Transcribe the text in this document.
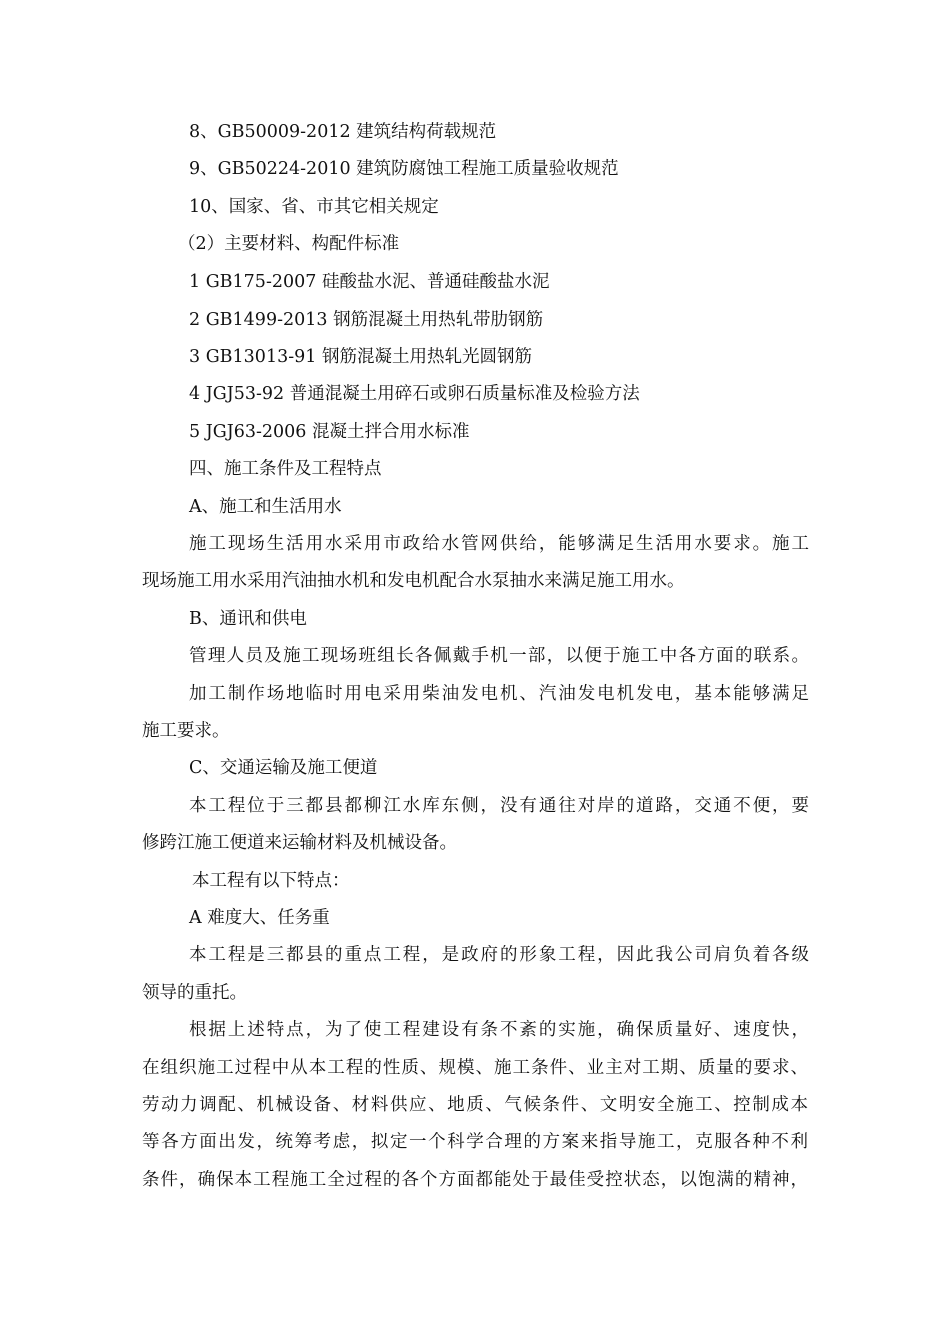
8、GB50009-2012 建筑结构荷载规范
9、GB50224-2010 建筑防腐蚀工程施工质量验收规范
10、国家、省、市其它相关规定
（2）主要材料、构配件标准
1 GB175-2007 硅酸盐水泥、普通硅酸盐水泥
2 GB1499-2013 钢筋混凝土用热轧带肋钢筋
3 GB13013-91 钢筋混凝土用热轧光圆钢筋
4 JGJ53-92 普通混凝土用碎石或卵石质量标准及检验方法
5 JGJ63-2006 混凝土拌合用水标准
四、施工条件及工程特点
A、施工和生活用水
施工现场生活用水采用市政给水管网供给，能够满足生活用水要求。施工
现场施工用水采用汽油抽水机和发电机配合水泵抽水来满足施工用水。
B、通讯和供电
管理人员及施工现场班组长各佩戴手机一部，以便于施工中各方面的联系。
加工制作场地临时用电采用柴油发电机、汽油发电机发电，基本能够满足
施工要求。
C、交通运输及施工便道
本工程位于三都县都柳江水库东侧，没有通往对岸的道路，交通不便，要
修跨江施工便道来运输材料及机械设备。
本工程有以下特点：
A 难度大、任务重
本工程是三都县的重点工程，是政府的形象工程，因此我公司肩负着各级
领导的重托。
根据上述特点，为了使工程建设有条不紊的实施，确保质量好、速度快，
在组织施工过程中从本工程的性质、规模、施工条件、业主对工期、质量的要求、
劳动力调配、机械设备、材料供应、地质、气候条件、文明安全施工、控制成本
等各方面出发，统筹考虑，拟定一个科学合理的方案来指导施工，克服各种不利
条件，确保本工程施工全过程的各个方面都能处于最佳受控状态，以饱满的精神，
